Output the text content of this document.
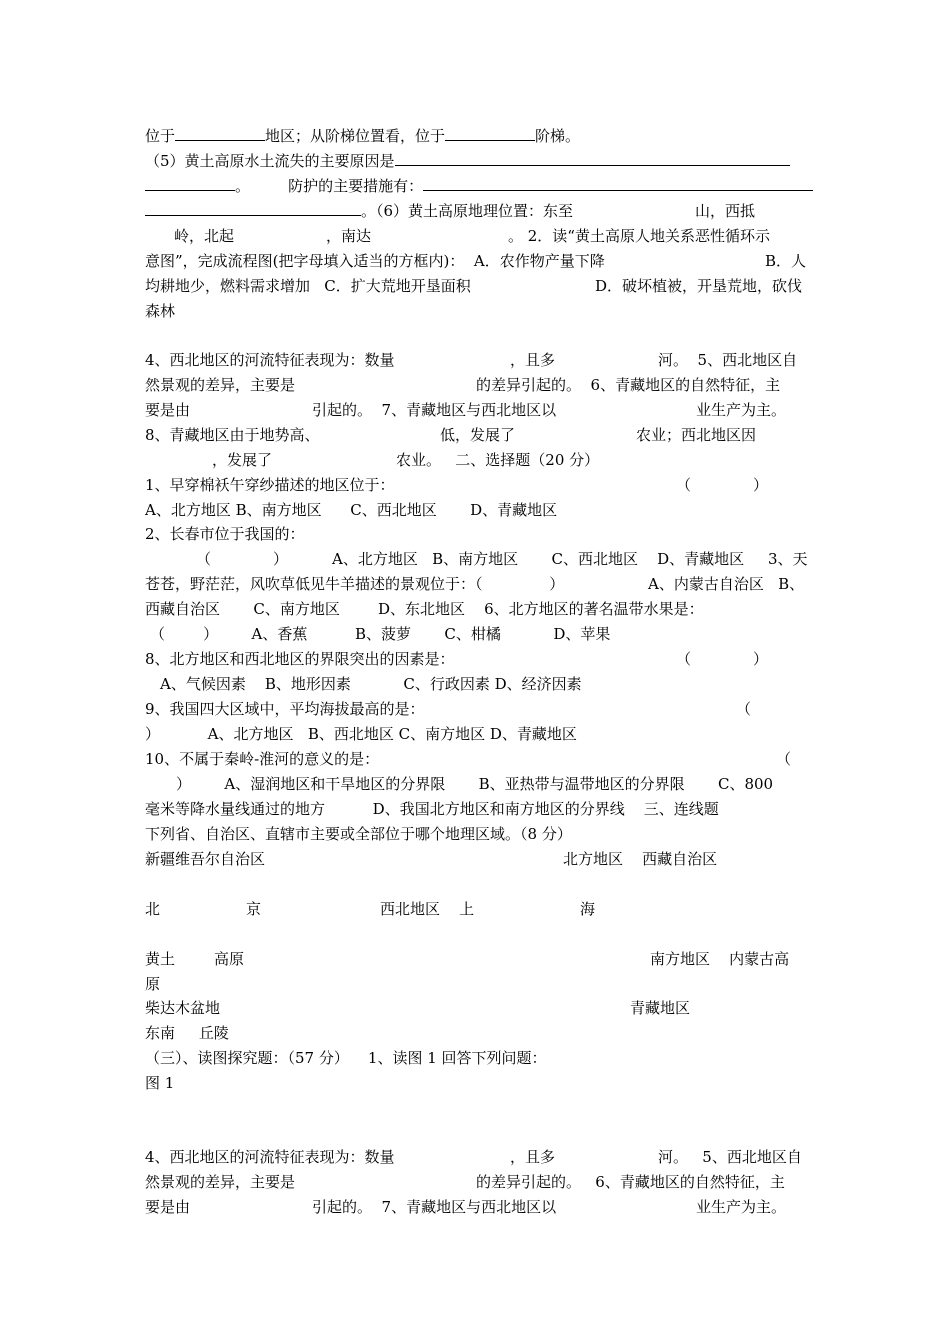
位于	地区；从阶梯位置看，位于	阶梯。
（5）黄土高原水土流失的主要原因是
。	防护的主要措施有：
。（6）黄土高原地理位置：东至	山，西抵
岭，北起	，南达	。 2．读“黄土高原人地关系恶性循环示
意图”，完成流程图(把字母填入适当的方框内)：  A．农作物产量下降	B．人
均耕地少，燃料需求增加   C．扩大荒地开垦面积	D．破坏植被，开垦荒地，砍伐
森林
4、西北地区的河流特征表现为：数量	，且多	河。  5、西北地区自
然景观的差异，主要是	的差异引起的。  6、青藏地区的自然特征，主
要是由	引起的。  7、青藏地区与西北地区以	业生产为主。
8、青藏地区由于地势高、	低，发展了	农业；西北地区因
，发展了	农业。   二、选择题（20 分）
1、早穿棉袄午穿纱描述的地区位于：	（             ）
A、北方地区 B、南方地区      C、西北地区       D、青藏地区
2、长春市位于我国的：
（             ）	A、北方地区   B、南方地区       C、西北地区    D、青藏地区     3、天
苍苍，野茫茫，风吹草低见牛羊描述的景观位于：（              ）	A、内蒙古自治区   B、
西藏自治区       C、南方地区        D、东北地区    6、北方地区的著名温带水果是：
（        ）       A、香蕉          B、菠萝       C、柑橘           D、苹果
8、北方地区和西北地区的界限突出的因素是：	（             ）
A、气候因素    B、地形因素           C、行政因素 D、经济因素
9、我国四大区域中，平均海拔最高的是：	（
）          A、北方地区   B、西北地区 C、南方地区 D、青藏地区
10、不属于秦岭-淮河的意义的是：	（
）       A、湿润地区和干旱地区的分界限       B、亚热带与温带地区的分界限       C、800
毫米等降水量线通过的地方          D、我国北方地区和南方地区的分界线    三、连线题
下列省、自治区、直辖市主要或全部位于哪个地理区域。（8 分）
新疆维吾尔自治区	北方地区    西藏自治区
北	京	西北地区    上	海
黄土	高原	南方地区    内蒙古高
原
柴达木盆地	青藏地区
东南     丘陵
（三）、读图探究题：（57 分）    1、读图 1 回答下列问题：
图 1
4、西北地区的河流特征表现为：数量	，且多	河。   5、西北地区自
然景观的差异，主要是	的差异引起的。   6、青藏地区的自然特征，主
要是由	引起的。  7、青藏地区与西北地区以	业生产为主。
